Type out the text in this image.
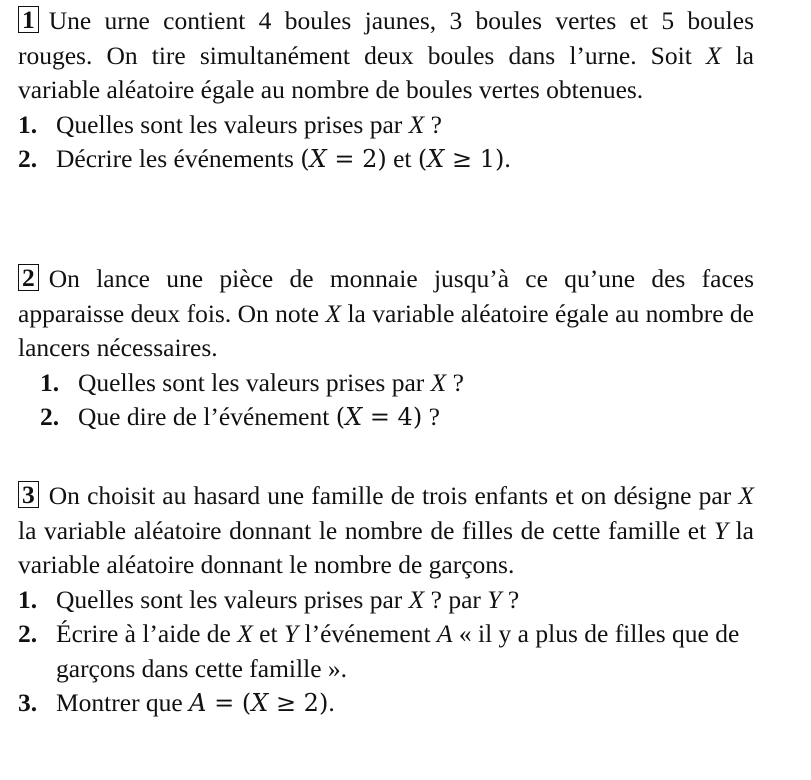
1 Une urne contient 4 boules jaunes, 3 boules vertes et 5 boules rouges. On tire simultanément deux boules dans l’urne. Soit X la variable aléatoire égale au nombre de boules vertes obtenues.

1. Quelles sont les valeurs prises par X ?
2. Décrire les événements (X = 2) et (X ≥ 1).

2 On lance une pièce de monnaie jusqu’à ce qu’une des faces apparaisse deux fois. On note X la variable aléatoire égale au nombre de lancers nécessaires.

1. Quelles sont les valeurs prises par X ?
2. Que dire de l’événement (X = 4) ?

3 On choisit au hasard une famille de trois enfants et on désigne par X la variable aléatoire donnant le nombre de filles de cette famille et Y la variable aléatoire donnant le nombre de garçons.

1. Quelles sont les valeurs prises par X ? par Y ?
2. Écrire à l’aide de X et Y l’événement A « il y a plus de filles que de garçons dans cette famille ».
3. Montrer que A = (X ≥ 2).
